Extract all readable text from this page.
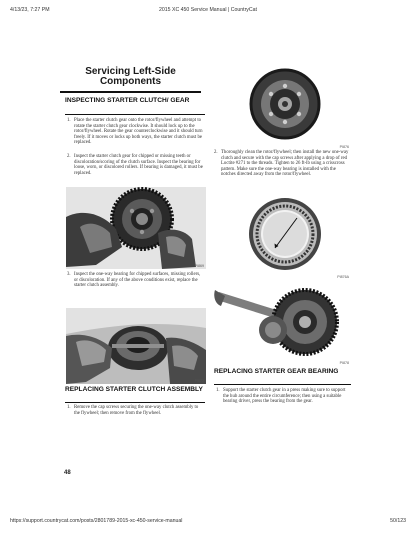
4/13/23, 7:27 PM	2015 XC 450 Service Manual | CountryCat
https://support.countrycat.com/posts/2801789-2015-xc-450-service-manual	50/123
Servicing Left-Side Components
INSPECTING STARTER CLUTCH/ GEAR
1. Place the starter clutch gear onto the rotor/flywheel and attempt to rotate the starter clutch gear clockwise. It should lock up to the rotor/flywheel. Rotate the gear counterclockwise and it should turn freely. If it moves or locks up both ways, the starter clutch must be replaced.
2. Inspect the starter clutch gear for chipped or missing teeth or discoloration/scoring of the clutch surface. Inspect the bearing for loose, worn, or discolored rollers. If bearing is damaged, it must be replaced.
PI869
3. Inspect the one-way bearing for chipped surfaces, missing rollers, or discoloration. If any of the above conditions exist, replace the starter clutch assembly.
PI872
REPLACING STARTER CLUTCH ASSEMBLY
1. Remove the cap screws securing the one-way clutch assembly to the flywheel; then remove from the flywheel.
48
PI876
2. Thoroughly clean the rotor/flywheel; then install the new one-way clutch and secure with the cap screws after applying a drop of red Loctite #271 to the threads. Tighten to 26 ft-lb using a crisscross pattern. Make sure the one-way bearing is installed with the notches directed away from the rotor/flywheel.
PI876A
PI878
REPLACING STARTER GEAR BEARING
1. Support the starter clutch gear in a press making sure to support the hub around the entire circumference; then using a suitable bearing driver, press the bearing from the gear.
